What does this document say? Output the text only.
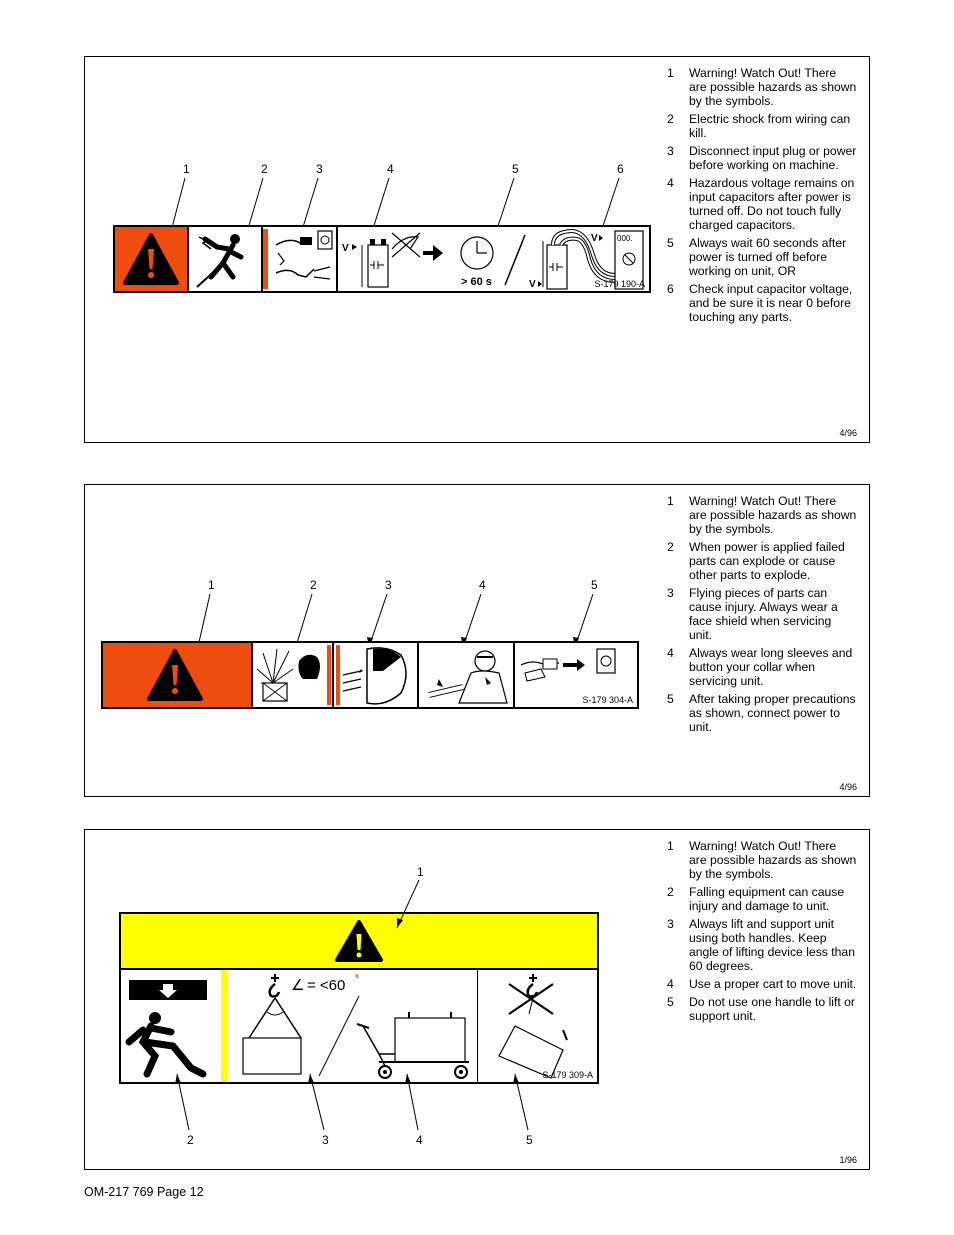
1	2	3	4	5	6
V
> 60 s	V
V 000.
S-179 190-A
1	Warning! Watch Out! There are possible hazards as shown by the symbols.
2	Electric shock from wiring can kill.
3	Disconnect input plug or power before working on machine.
4	Hazardous voltage remains on input capacitors after power is turned off. Do not touch fully charged capacitors.
5	Always wait 60 seconds after power is turned off before working on unit, OR
6	Check input capacitor voltage, and be sure it is near 0 before touching any parts.
4/96
1	2	3	4	5
S-179 304-A
1	Warning! Watch Out! There are possible hazards as shown by the symbols.
2	When power is applied failed parts can explode or cause other parts to explode.
3	Flying pieces of parts can cause injury. Always wear a face shield when servicing unit.
4	Always wear long sleeves and button your collar when servicing unit.
5	After taking proper precautions as shown, connect power to unit.
4/96
∠ = <60 °
S-179 309-A
1
2	3	4	5
1	Warning! Watch Out! There are possible hazards as shown by the symbols.
2	Falling equipment can cause injury and damage to unit.
3	Always lift and support unit using both handles. Keep angle of lifting device less than 60 degrees.
4	Use a proper cart to move unit.
5	Do not use one handle to lift or support unit.
1/96
OM-217 769 Page 12
